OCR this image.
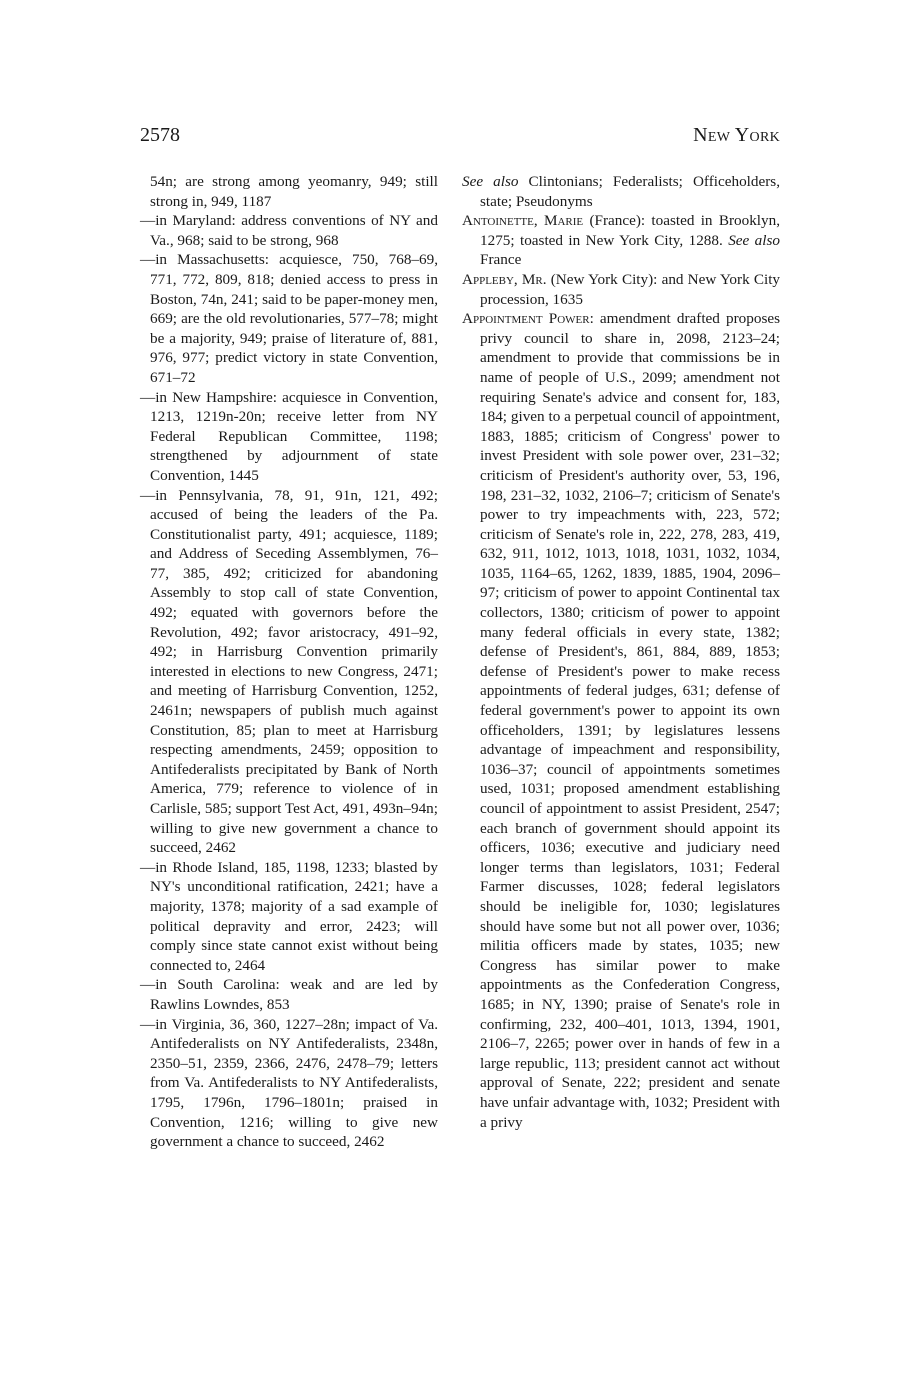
2578	New York

54n; are strong among yeomanry, 949; still strong in, 949, 1187

—in Maryland: address conventions of NY and Va., 968; said to be strong, 968

—in Massachusetts: acquiesce, 750, 768–69, 771, 772, 809, 818; denied access to press in Boston, 74n, 241; said to be paper-money men, 669; are the old revolutionaries, 577–78; might be a majority, 949; praise of literature of, 881, 976, 977; predict victory in state Convention, 671–72

—in New Hampshire: acquiesce in Convention, 1213, 1219n-20n; receive letter from NY Federal Republican Committee, 1198; strengthened by adjournment of state Convention, 1445

—in Pennsylvania, 78, 91, 91n, 121, 492; accused of being the leaders of the Pa. Constitutionalist party, 491; acquiesce, 1189; and Address of Seceding Assemblymen, 76–77, 385, 492; criticized for abandoning Assembly to stop call of state Convention, 492; equated with governors before the Revolution, 492; favor aristocracy, 491–92, 492; in Harrisburg Convention primarily interested in elections to new Congress, 2471; and meeting of Harrisburg Convention, 1252, 2461n; newspapers of publish much against Constitution, 85; plan to meet at Harrisburg respecting amendments, 2459; opposition to Antifederalists precipitated by Bank of North America, 779; reference to violence of in Carlisle, 585; support Test Act, 491, 493n–94n; willing to give new government a chance to succeed, 2462

—in Rhode Island, 185, 1198, 1233; blasted by NY's unconditional ratification, 2421; have a majority, 1378; majority of a sad example of political depravity and error, 2423; will comply since state cannot exist without being connected to, 2464

—in South Carolina: weak and are led by Rawlins Lowndes, 853

—in Virginia, 36, 360, 1227–28n; impact of Va. Antifederalists on NY Antifederalists, 2348n, 2350–51, 2359, 2366, 2476, 2478–79; letters from Va. Antifederalists to NY Antifederalists, 1795, 1796n, 1796–1801n; praised in Convention, 1216; willing to give new government a chance to succeed, 2462

See also Clintonians; Federalists; Officeholders, state; Pseudonyms

Antoinette, Marie (France): toasted in Brooklyn, 1275; toasted in New York City, 1288. See also France

Appleby, Mr. (New York City): and New York City procession, 1635

Appointment Power: amendment drafted proposes privy council to share in, 2098, 2123–24; amendment to provide that commissions be in name of people of U.S., 2099; amendment not requiring Senate's advice and consent for, 183, 184; given to a perpetual council of appointment, 1883, 1885; criticism of Congress' power to invest President with sole power over, 231–32; criticism of President's authority over, 53, 196, 198, 231–32, 1032, 2106–7; criticism of Senate's power to try impeachments with, 223, 572; criticism of Senate's role in, 222, 278, 283, 419, 632, 911, 1012, 1013, 1018, 1031, 1032, 1034, 1035, 1164–65, 1262, 1839, 1885, 1904, 2096–97; criticism of power to appoint Continental tax collectors, 1380; criticism of power to appoint many federal officials in every state, 1382; defense of President's, 861, 884, 889, 1853; defense of President's power to make recess appointments of federal judges, 631; defense of federal government's power to appoint its own officeholders, 1391; by legislatures lessens advantage of impeachment and responsibility, 1036–37; council of appointments sometimes used, 1031; proposed amendment establishing council of appointment to assist President, 2547; each branch of government should appoint its officers, 1036; executive and judiciary need longer terms than legislators, 1031; Federal Farmer discusses, 1028; federal legislators should be ineligible for, 1030; legislatures should have some but not all power over, 1036; militia officers made by states, 1035; new Congress has similar power to make appointments as the Confederation Congress, 1685; in NY, 1390; praise of Senate's role in confirming, 232, 400–401, 1013, 1394, 1901, 2106–7, 2265; power over in hands of few in a large republic, 113; president cannot act without approval of Senate, 222; president and senate have unfair advantage with, 1032; President with a privy
